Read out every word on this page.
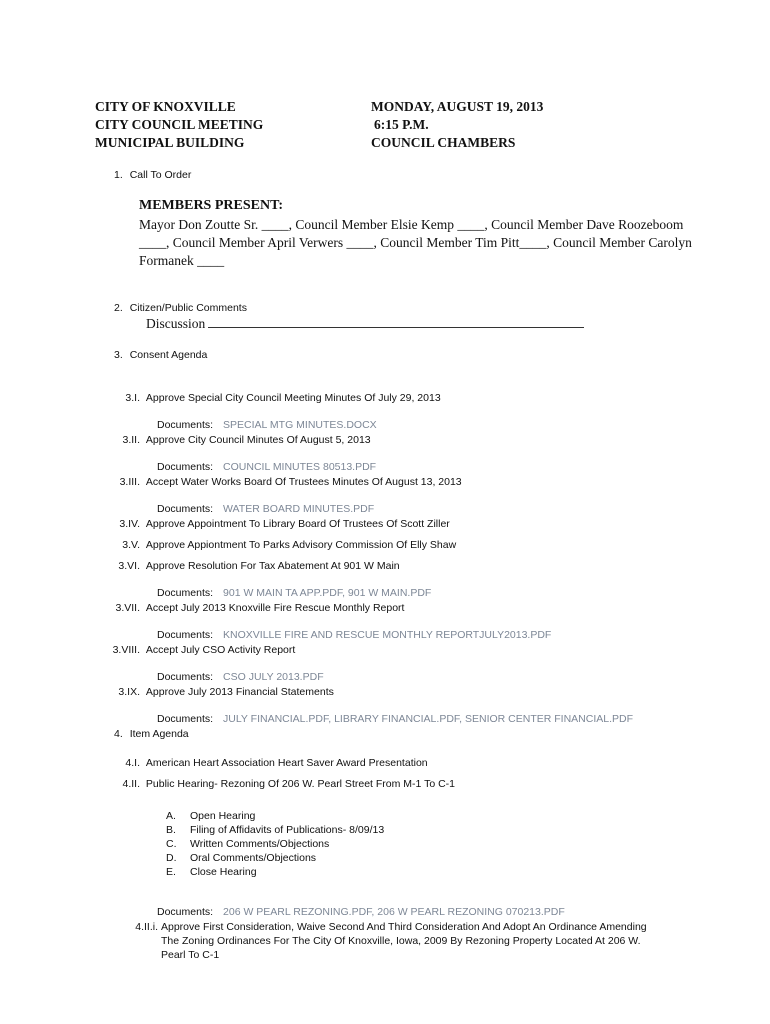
CITY OF KNOXVILLE
CITY COUNCIL MEETING
MUNICIPAL BUILDING
MONDAY, AUGUST 19, 2013
6:15 P.M.
COUNCIL CHAMBERS
1. Call To Order
MEMBERS PRESENT:
Mayor Don Zoutte Sr. ____, Council Member Elsie Kemp ____, Council Member Dave Roozeboom
____, Council Member April Verwers ____, Council Member Tim Pitt____, Council Member Carolyn
Formanek ____
2. Citizen/Public Comments
Discussion
3. Consent Agenda
3.I. Approve Special City Council Meeting Minutes Of July 29, 2013
Documents: SPECIAL MTG MINUTES.DOCX
3.II. Approve City Council Minutes Of August 5, 2013
Documents: COUNCIL MINUTES 80513.PDF
3.III. Accept Water Works Board Of Trustees Minutes Of August 13, 2013
Documents: WATER BOARD MINUTES.PDF
3.IV. Approve Appointment To Library Board Of Trustees Of Scott Ziller
3.V. Approve Appiontment To Parks Advisory Commission Of Elly Shaw
3.VI. Approve Resolution For Tax Abatement At 901 W Main
Documents: 901 W MAIN TA APP.PDF, 901 W MAIN.PDF
3.VII. Accept July 2013 Knoxville Fire Rescue Monthly Report
Documents: KNOXVILLE FIRE AND RESCUE MONTHLY REPORTJULY2013.PDF
3.VIII. Accept July CSO Activity Report
Documents: CSO JULY 2013.PDF
3.IX. Approve July 2013 Financial Statements
Documents: JULY FINANCIAL.PDF, LIBRARY FINANCIAL.PDF, SENIOR CENTER FINANCIAL.PDF
4. Item Agenda
4.I. American Heart Association Heart Saver Award Presentation
4.II. Public Hearing- Rezoning Of 206 W. Pearl Street From M-1 To C-1
A. Open Hearing
B. Filing of Affidavits of Publications- 8/09/13
C. Written Comments/Objections
D. Oral Comments/Objections
E. Close Hearing
Documents: 206 W PEARL REZONING.PDF, 206 W PEARL REZONING 070213.PDF
4.II.i. Approve First Consideration, Waive Second And Third Consideration And Adopt An Ordinance Amending
The Zoning Ordinances For The City Of Knoxville, Iowa, 2009 By Rezoning Property Located At 206 W.
Pearl To C-1
